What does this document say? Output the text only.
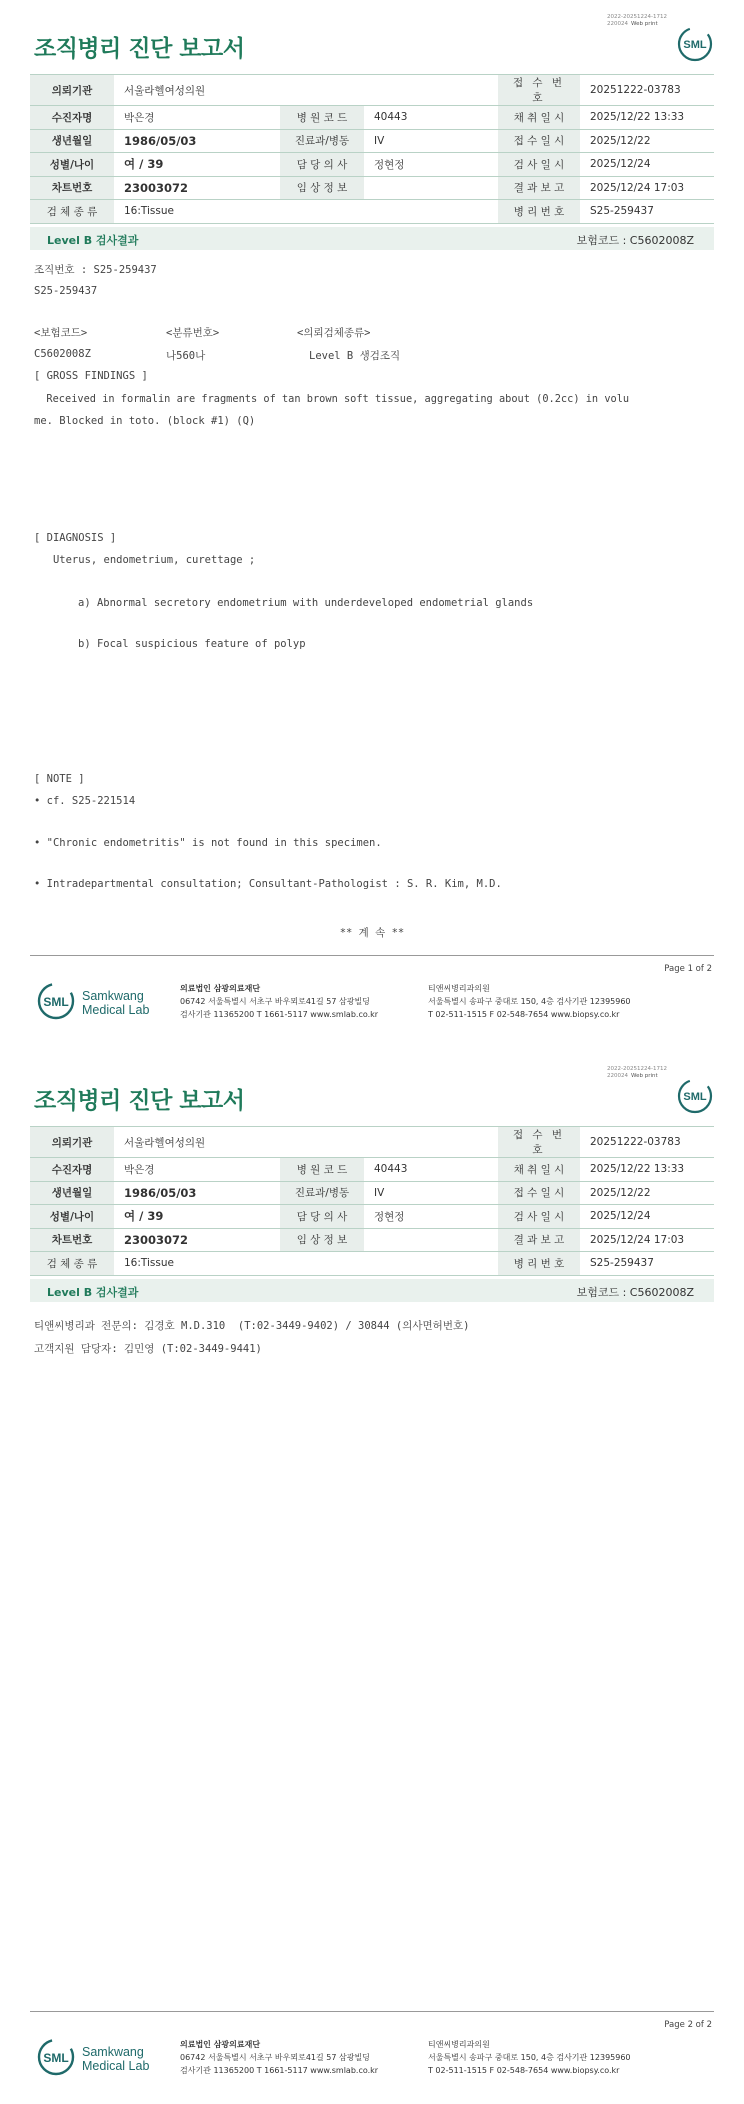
2022-20251224-1712
220024 Web print
조직병리 진단 보고서	SML
의뢰기관	서울라헬여성의원			접 수 번 호	20251222-03783
수진자명	박은경	병 원 코 드	40443	채 취 일 시	2025/12/22 13:33
생년월일	1986/05/03	진료과/병동	IV	접 수 일 시	2025/12/22
성별/나이	여 / 39	담 당 의 사	정현정	검 사 일 시	2025/12/24
차트번호	23003072	임 상 정 보		결 과 보 고	2025/12/24 17:03
검 체 종 류	16:Tissue			병 리 번 호	S25-259437
Level B 검사결과	보험코드 : C5602008Z
조직번호 : S25-259437
S25-259437
<보험코드>	<분류번호>	<의뢰검체종류>
C5602008Z	나560나	Level B 생검조직
[ GROSS FINDINGS ]
Received in formalin are fragments of tan brown soft tissue, aggregating about (0.2cc) in volu
me. Blocked in toto. (block #1) (Q)
[ DIAGNOSIS ]
Uterus, endometrium, curettage ;
a) Abnormal secretory endometrium with underdeveloped endometrial glands
b) Focal suspicious feature of polyp
[ NOTE ]
• cf. S25-221514
• "Chronic endometritis" is not found in this specimen.
• Intradepartmental consultation; Consultant-Pathologist : S. R. Kim, M.D.
** 계 속 **
Page 1 of 2
SML Samkwang
Medical Lab
의료법인 삼광의료재단
06742 서울특별시 서초구 바우뫼로41길 57 삼광빌딩
검사기관 11365200 T 1661-5117 www.smlab.co.kr
티앤씨병리과의원
서울특별시 송파구 중대로 150, 4층 검사기관 12395960
T 02-511-1515 F 02-548-7654 www.biopsy.co.kr
2022-20251224-1712
220024 Web print
조직병리 진단 보고서	SML
의뢰기관	서울라헬여성의원			접 수 번 호	20251222-03783
수진자명	박은경	병 원 코 드	40443	채 취 일 시	2025/12/22 13:33
생년월일	1986/05/03	진료과/병동	IV	접 수 일 시	2025/12/22
성별/나이	여 / 39	담 당 의 사	정현정	검 사 일 시	2025/12/24
차트번호	23003072	임 상 정 보		결 과 보 고	2025/12/24 17:03
검 체 종 류	16:Tissue			병 리 번 호	S25-259437
Level B 검사결과	보험코드 : C5602008Z
티앤씨병리과 전문의: 김경호 M.D.310  (T:02-3449-9402) / 30844 (의사면허번호)
고객지원 담당자: 김민영 (T:02-3449-9441)
Page 2 of 2
SML Samkwang
Medical Lab
의료법인 삼광의료재단
06742 서울특별시 서초구 바우뫼로41길 57 삼광빌딩
검사기관 11365200 T 1661-5117 www.smlab.co.kr
티앤씨병리과의원
서울특별시 송파구 중대로 150, 4층 검사기관 12395960
T 02-511-1515 F 02-548-7654 www.biopsy.co.kr
